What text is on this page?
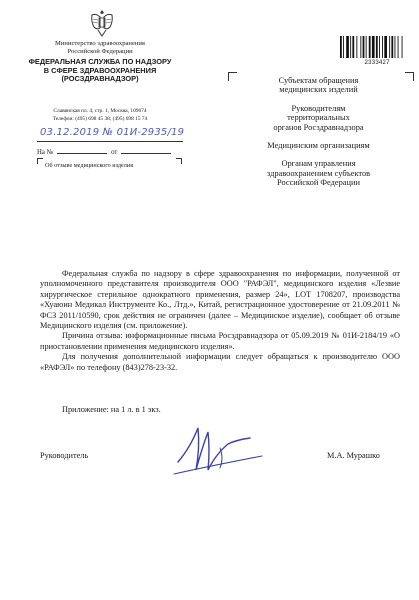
Министерство здравоохранения
Российской Федерации
ФЕДЕРАЛЬНАЯ СЛУЖБА ПО НАДЗОРУ
В СФЕРЕ ЗДРАВООХРАНЕНИЯ
(РОСЗДРАВНАДЗОР)
Славянская пл. 4, стр. 1, Москва, 109074
Телефон: (495) 698 45 38; (495) 698 15 74
03.12.2019 № 01И-2935/19
На №	от
Об отзыве медицинского изделия
2333427

Субъектам обращения
медицинских изделий

Руководителям
территориальных
органов Росздравнадзора

Медицинским организациям

Органам управления
здравоохранением субъектов
Российской Федерации

Федеральная служба по надзору в сфере здравоохранения по информации, полученной от уполномоченного представителя производителя ООО "РАФЭЛ", медицинского изделия «Лезвие хирургическое стерильное однократного применения, размер 24», LOT 1708207, производства «Хуаюин Медикал Инструменте Ко., Лтд.», Китай, регистрационное удостоверение от 21.09.2011 № ФСЗ 2011/10590, срок действия не ограничен (далее – Медицинское изделие), сообщает об отзыве Медицинского изделия (см. приложение).

Причина отзыва: информационные письма Росздравнадзора от 05.09.2019 № 01И-2184/19 «О приостановлении применения медицинского изделия».

Для получения дополнительной информации следует обращаться к производителю ООО «РАФЭЛ» по телефону (843)278-23-32.

Приложение: на 1 л. в 1 экз.
Руководитель	М.А. Мурашко
